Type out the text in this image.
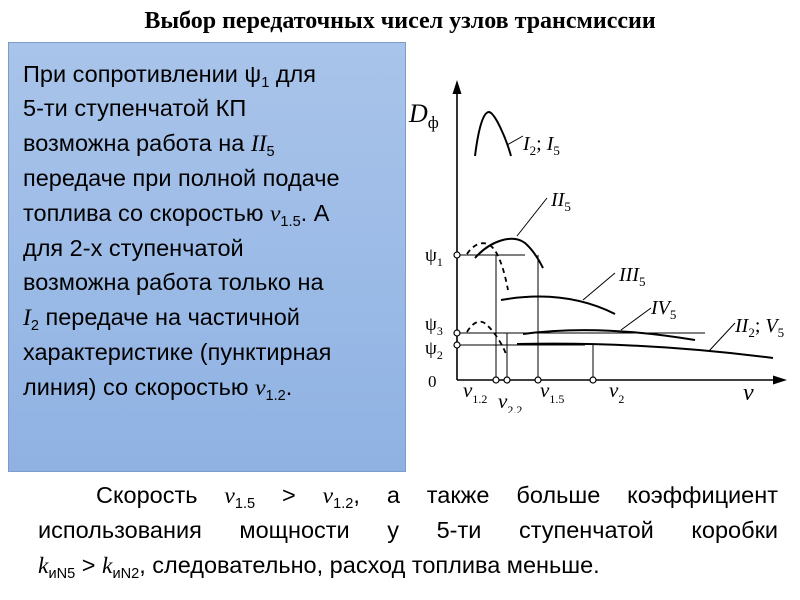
Выбор передаточных чисел узлов трансмиссии
При сопротивлении $\psi_1$ для
5-ти ступенчатой КП
возможна работа на $II_5$
передаче при полной подаче
топлива со скоростью $v_{1.5}$. А
для 2-х ступенчатой
возможна работа только на
$I_2$ передаче на частичной
характеристике (пунктирная
линия) со скоростью $v_{1.2}$.
$D_ф$
v
0
$I_2$; $I_5$
$II_5$
$III_5$
$IV_5$
$II_2$; $V_5$
$\psi_1$
$\psi_3$
$\psi_2$
$v_{1.2}$ $v_{2.2}$
$v_{1.5}$ $v_2$
Скорость $v_{1.5} > v_{1.2}$, а также больше коэффициент
использования мощности у 5-ти ступенчатой коробки
$k_{иN5} > k_{иN2}$, следовательно, расход топлива меньше.
